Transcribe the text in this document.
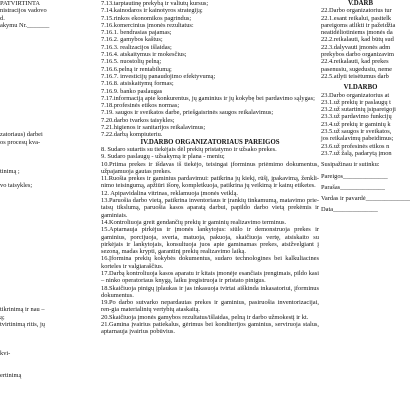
PATVIRTINTA
nistracijos vadovo
d.
akymu Nr._______
zatoriaus) darbei
os procesų kva-
tinimą ;
vo taisykles;
tikrinimą ir nau –
ą;
tvirtinimą ritis, jų
kvi-
ertinimą
7.13.tarptautinę prekybą ir valiutų kursus;
7.14.kainodaros ir kainotyros strategiją;
7.15.rinkos ekonomikos pagrindus;
7.16.komercinius įmonės rezultatus:
7.16.1. bendrasias pajamas;
7.16.2. gamybos kaštus;
7.16.3. realizacijos išlaidas;
7.16.4. atskaitymus ir mokesčius;
7.16.5. nuostolių pelną;
7.16.6.pelną ir rentabilumą;
7.16.7. investicijų panaudojimo efektyvumą;
7.16.8. atsiskaitymų formas;
7.16.9. banko paslaugas
7.17.informaciją apie konkurentus, jų gaminius ir jų kokybę bei pardavimo sąlygas;
7.18.profesinės etikos normas;
7.19. saugos ir sveikatos darbe, priešgaisrinės saugos reikalavimus;
7.20.darbo tvarkos taisykles;
7.21.higienos ir sanitarijos reikalavimus;
7.22.darbą kompiuteriu.
IV.DARBO ORGANIZATORIAUS PAREIGOS
8. Sudaro sutartis su tiekėjais dėl prekių pristatymo ir užsako prekes.
9. Sudaro paslaugų - užsakymą ir plana - meniu;
10.Priima prekes ir išdavas iš tiekėjo, teisingai įforminus priėmimo dokumentus, užpajamuoja gautas prekes.
11.Ruošia prekes ir gaminius pardavimui: patikrina jų kiekį, rūšį, įpakavimą, ženkli-nimo teisingumą, apžiūri išorę, kompletkuoja, patikrina jų veikimą ir kainų etiketes.
12. Apipavidalina vitrinas, reklamuoja įmonės veiklą.
13.Paruošia darbo vietą, patikrina inventoriaus ir įrankių tinkamumą, matavimo prie-taisų tikslumą, paruošia kasos aparatą darbui, papildo darbo vietą prekėmis ir gaminiais.
14.Kontroliuoja greit gendančių prekių ir gaminių realizavimo terminus.
15.Aptarnauja pirkėjus ir įmonės lankytojus: siūlo ir demonstruoja prekes ir gaminius, porcijuoja, sveria, matuoja, pakuoja, skaičiuoja vertę, atsiskaito su pirkėjais ir lankytojais, konsultuoja juos apie gaminamas prekes, atsižvelgiant į sezoną, madas krypti, garantinį prekių realizavimo laiką.
16.Įformina prekių kokybės dokumentus, sudaro technologines bei kalkuliacines korteles ir valgiaraščius.
17.Darbą kontroliuoja kasos aparatu ir kitais įmonėje esančiais įrengimais, pildo kasi – ninko operatoriaus knygą, laiku įregistruoja ir pristato pinigus.
18.Skaičiuoja pinigų įplaukas ir jas inkasuoja tvirtai aiškinda inkasatoriui, įforminus dokumentus.
19.Po darbo sutvarko nepardautas prekes ir gaminius, pasiruošia inventorizacijai, ren-gia materialinių vertybių ataskaitą.
20.Skaičiuoja įmonės gamybos rezultatus/išlaidas, pelną ir darbo užmokestį ir kt.
21.Gamina įvairius patiekalus, gėrimus bei konditerijos gaminius, serviruoja stalus, aptarnauja įvairius pobūvius.
V.DARB
22.Darbo organizatorius tur
22.1.esant reikalui, pasitelk
pareigoms atlikti ir pažeidžia
neatidėliotiniems įmonės da
22.2.reikalauti, kad būtų sud
22.3.dalyvauti įmonės adm
prekybos darbo organizavim
22.4.reikalauti, kad prekes
pasenusiu, sugedusiu, neme
22.5.atlyti teisėtumus darb
VI.DARBO
23.Darbo organizatorius at
23.1.už prekių ir paslaugų t
23.2.už sutartinių įsipareigoji
23.3.už pardavimo funkcijų
23.4.už prekių ir gaminių k
23.5.už saugos ir sveikatos,
jos reikalavimų pabeidimus;
23.6.už profesinės etikos n
23.7.už žalą, padarytą įmon
Susipažinau ir sutinku:
Pareigos______________
Parašas______________
Vardas ir pavardė______________
Data______________
